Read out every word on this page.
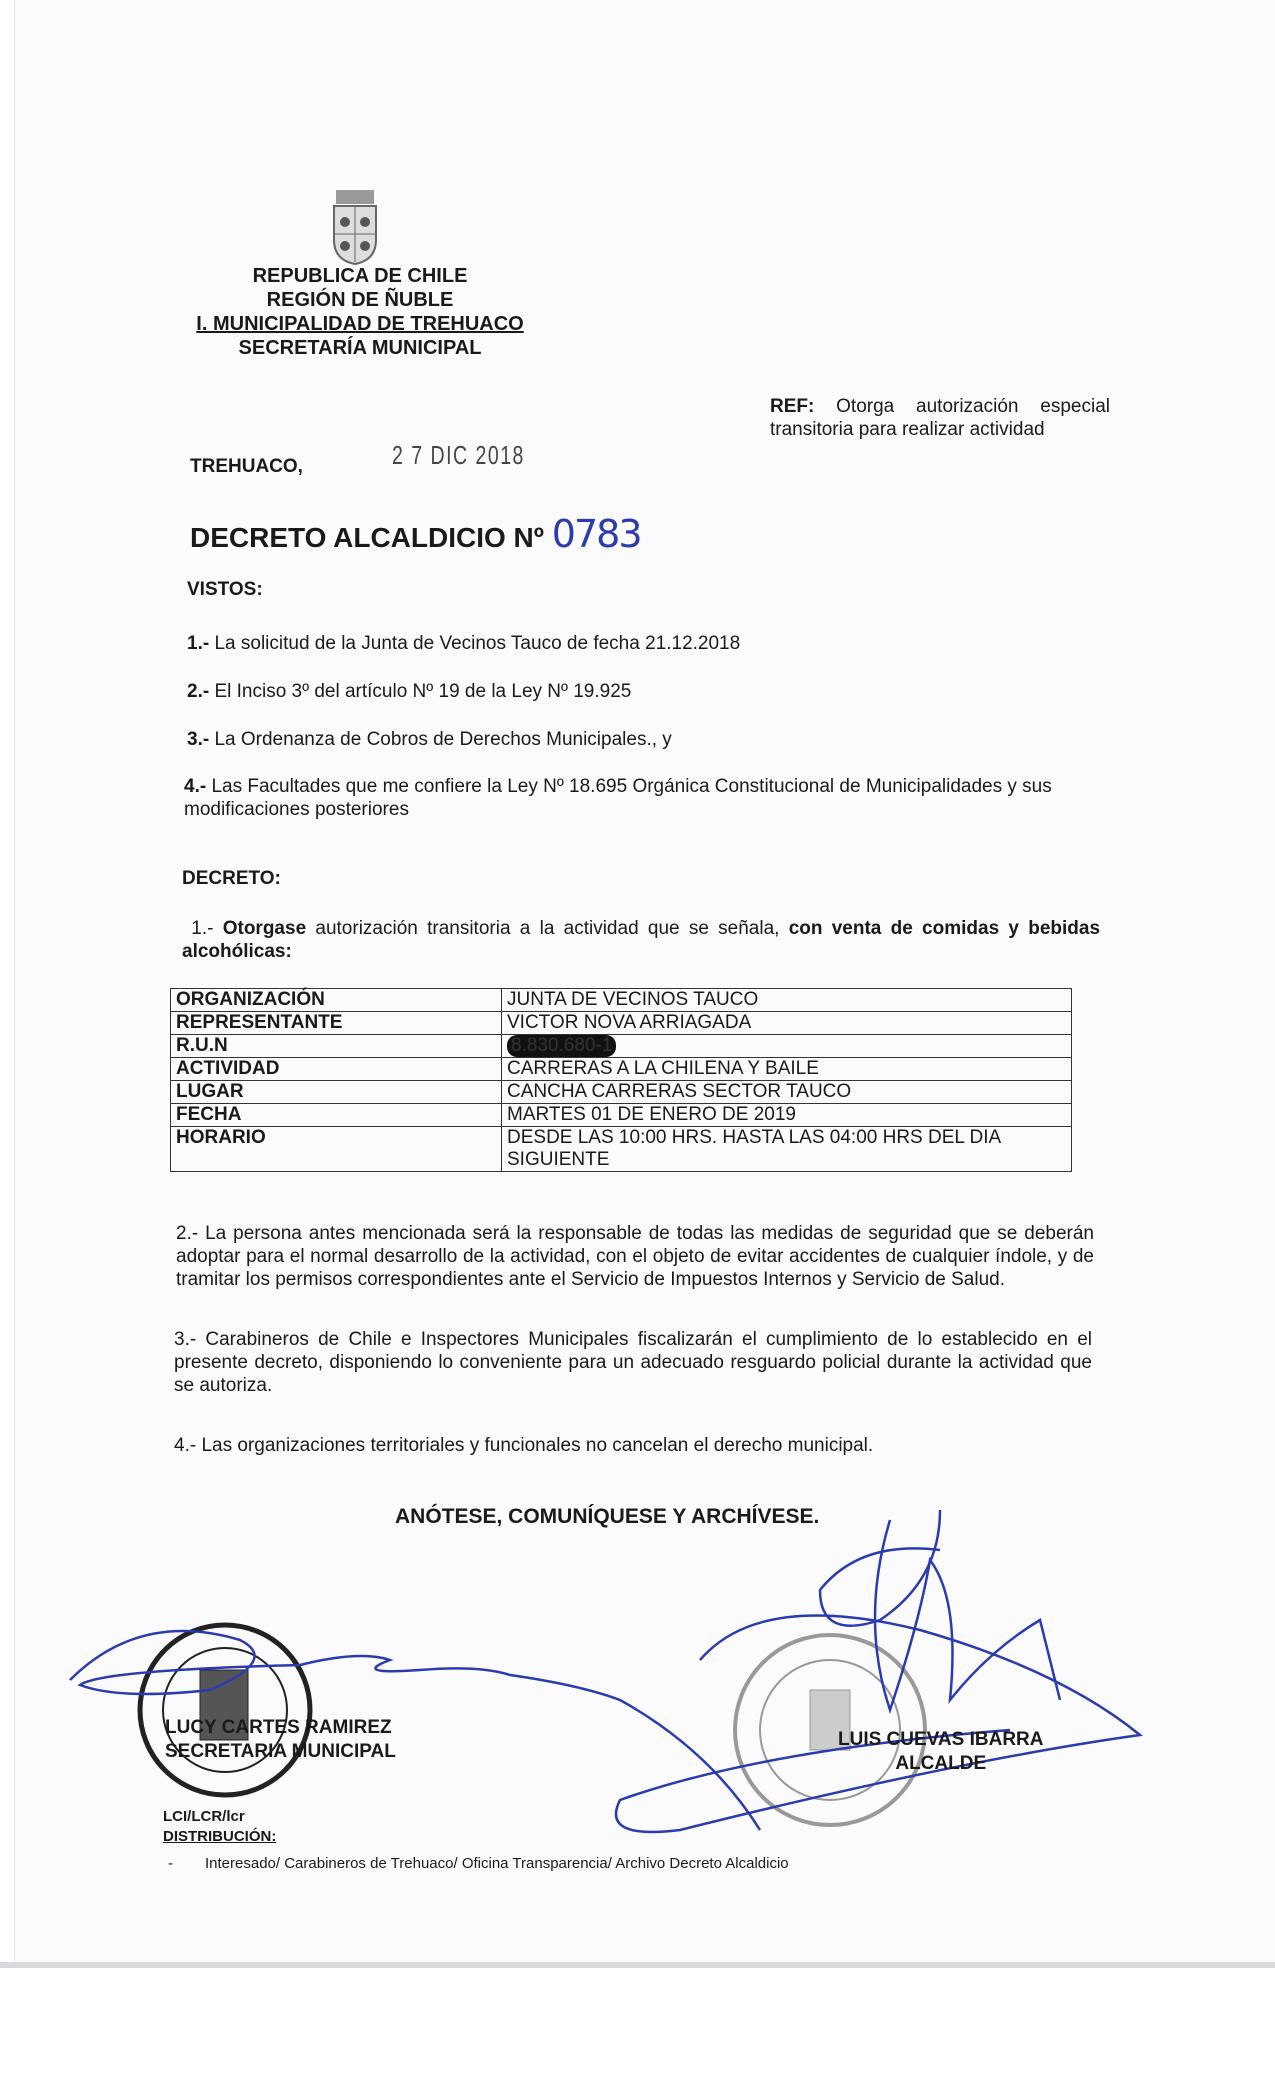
REPUBLICA DE CHILE
REGIÓN DE ÑUBLE
I. MUNICIPALIDAD DE TREHUACO
SECRETARÍA MUNICIPAL
REF: Otorga autorización especial transitoria para realizar actividad
TREHUACO,	2 7 DIC 2018
DECRETO ALCALDICIO Nº 0783
VISTOS:
1.- La solicitud de la Junta de Vecinos Tauco de fecha 21.12.2018
2.- El Inciso 3º del artículo Nº 19 de la Ley Nº 19.925
3.- La Ordenanza de Cobros de Derechos Municipales., y
4.- Las Facultades que me confiere la Ley Nº 18.695 Orgánica Constitucional de Municipalidades y sus modificaciones posteriores
DECRETO:
1.- Otorgase autorización transitoria a la actividad que se señala, con venta de comidas y bebidas alcohólicas:
ORGANIZACIÓN	JUNTA DE VECINOS TAUCO
REPRESENTANTE	VICTOR NOVA ARRIAGADA
R.U.N	8.830.680-1
ACTIVIDAD	CARRERAS A LA CHILENA Y BAILE
LUGAR	CANCHA CARRERAS SECTOR TAUCO
FECHA	MARTES 01 DE ENERO DE 2019
HORARIO	DESDE LAS 10:00 HRS. HASTA LAS 04:00 HRS DEL DIA SIGUIENTE
2.- La persona antes mencionada será la responsable de todas las medidas de seguridad que se deberán adoptar para el normal desarrollo de la actividad, con el objeto de evitar accidentes de cualquier índole, y de tramitar los permisos correspondientes ante el Servicio de Impuestos Internos y Servicio de Salud.
3.- Carabineros de Chile e Inspectores Municipales fiscalizarán el cumplimiento de lo establecido en el presente decreto, disponiendo lo conveniente para un adecuado resguardo policial durante la actividad que se autoriza.
4.- Las organizaciones territoriales y funcionales no cancelan el derecho municipal.
ANÓTESE, COMUNÍQUESE Y ARCHÍVESE.
LUCY CARTES RAMIREZ
SECRETARIA MUNICIPAL
LUIS CUEVAS IBARRA
ALCALDE
LCI/LCR/lcr
DISTRIBUCIÓN:
- Interesado/ Carabineros de Trehuaco/ Oficina Transparencia/ Archivo Decreto Alcaldicio
